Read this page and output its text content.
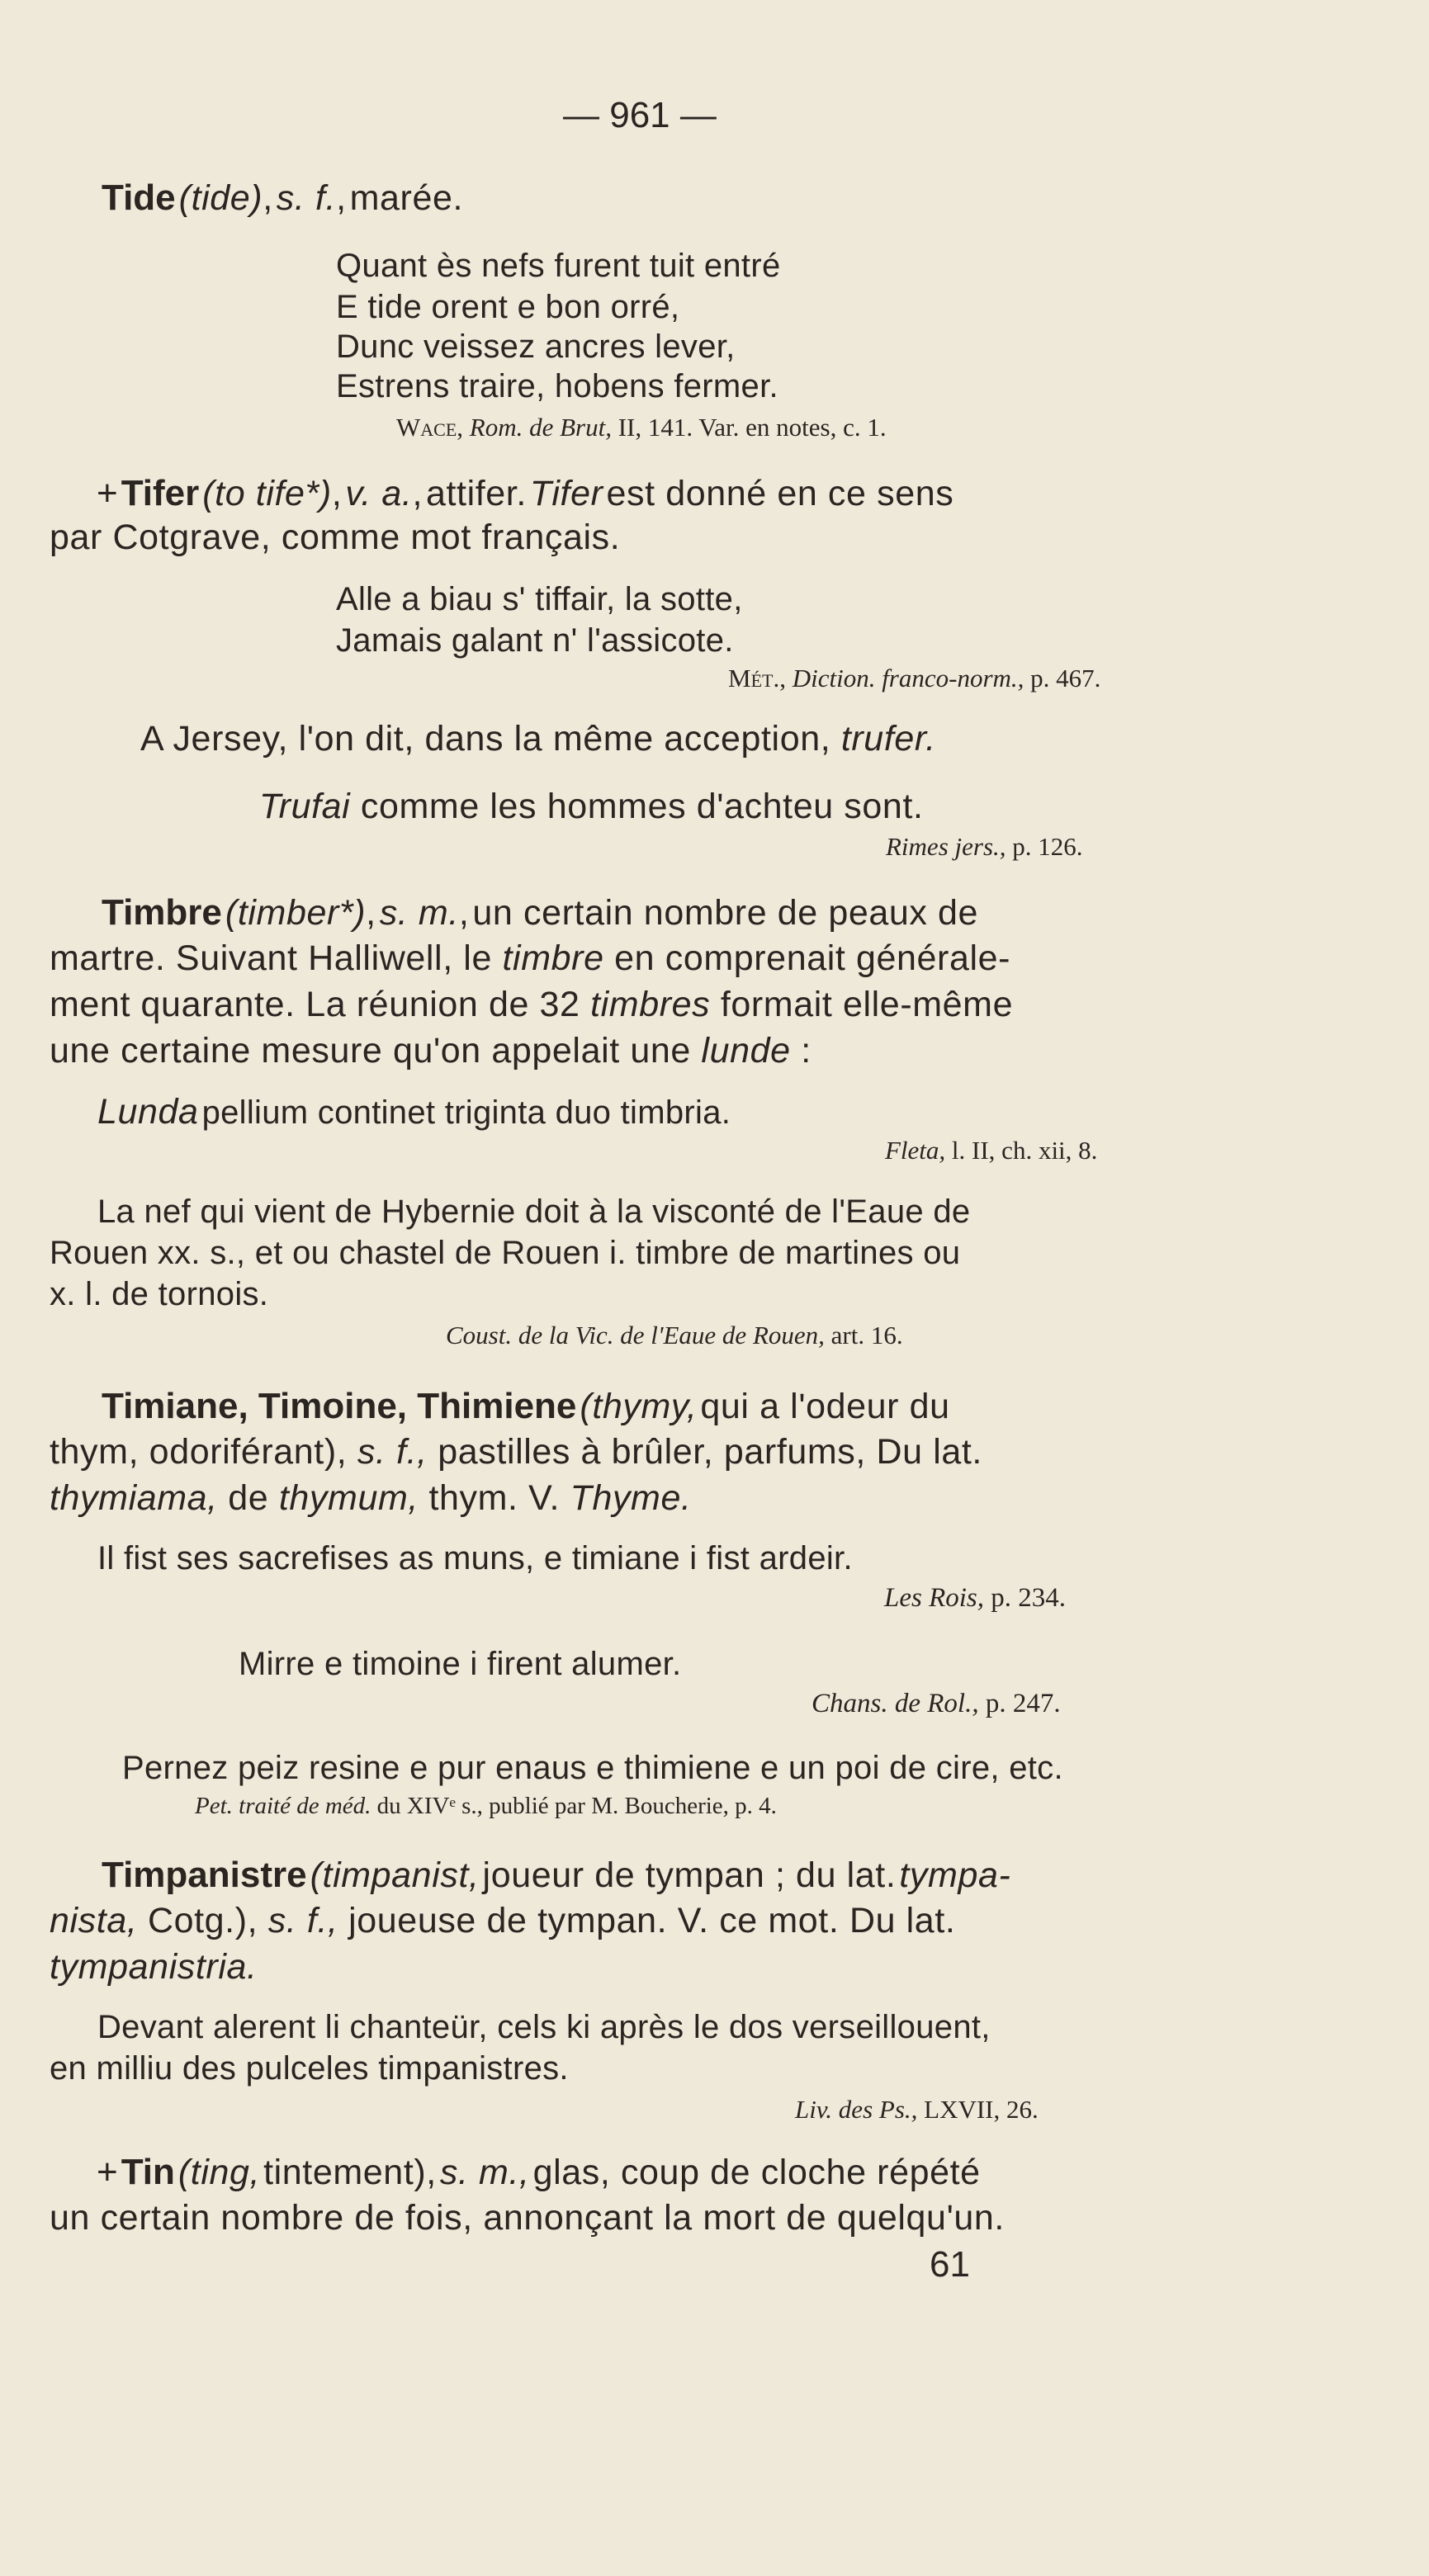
— 961 —
Tide (tide), s. f., marée.
Quant ès nefs furent tuit entré
E tide orent e bon orré,
Dunc veissez ancres lever,
Estrens traire, hobens fermer.
Wace, Rom. de Brut, II, 141. Var. en notes, c. 1.
+ Tifer (to tife*), v. a., attifer. Tifer est donné en ce sens
par Cotgrave, comme mot français.
Alle a biau s' tiffair, la sotte,
Jamais galant n' l'assicote.
Mét., Diction. franco-norm., p. 467.
A Jersey, l'on dit, dans la même acception, trufer.
Trufai comme les hommes d'achteu sont.
Rimes jers., p. 126.
Timbre (timber*), s. m., un certain nombre de peaux de
martre. Suivant Halliwell, le timbre en comprenait générale-
ment quarante. La réunion de 32 timbres formait elle-même
une certaine mesure qu'on appelait une lunde :
Lunda pellium continet triginta duo timbria.
Fleta, l. II, ch. xii, 8.
La nef qui vient de Hybernie doit à la visconté de l'Eaue de
Rouen xx. s., et ou chastel de Rouen i. timbre de martines ou
x. l. de tornois.
Coust. de la Vic. de l'Eaue de Rouen, art. 16.
Timiane, Timoine, Thimiene (thymy, qui a l'odeur du
thym, odoriférant), s. f., pastilles à brûler, parfums, Du lat.
thymiama, de thymum, thym. V. Thyme.
Il fist ses sacrefises as muns, e timiane i fist ardeir.
Les Rois, p. 234.
Mirre e timoine i firent alumer.
Chans. de Rol., p. 247.
Pernez peiz resine e pur enaus e thimiene e un poi de cire, etc.
Pet. traité de méd. du XIVᵉ s., publié par M. Boucherie, p. 4.
Timpanistre (timpanist, joueur de tympan ; du lat. tympa-
nista, Cotg.), s. f., joueuse de tympan. V. ce mot. Du lat.
tympanistria.
Devant alerent li chanteür, cels ki après le dos verseillouent,
en milliu des pulceles timpanistres.
Liv. des Ps., LXVII, 26.
+ Tin (ting, tintement), s. m., glas, coup de cloche répété
un certain nombre de fois, annonçant la mort de quelqu'un.
61
